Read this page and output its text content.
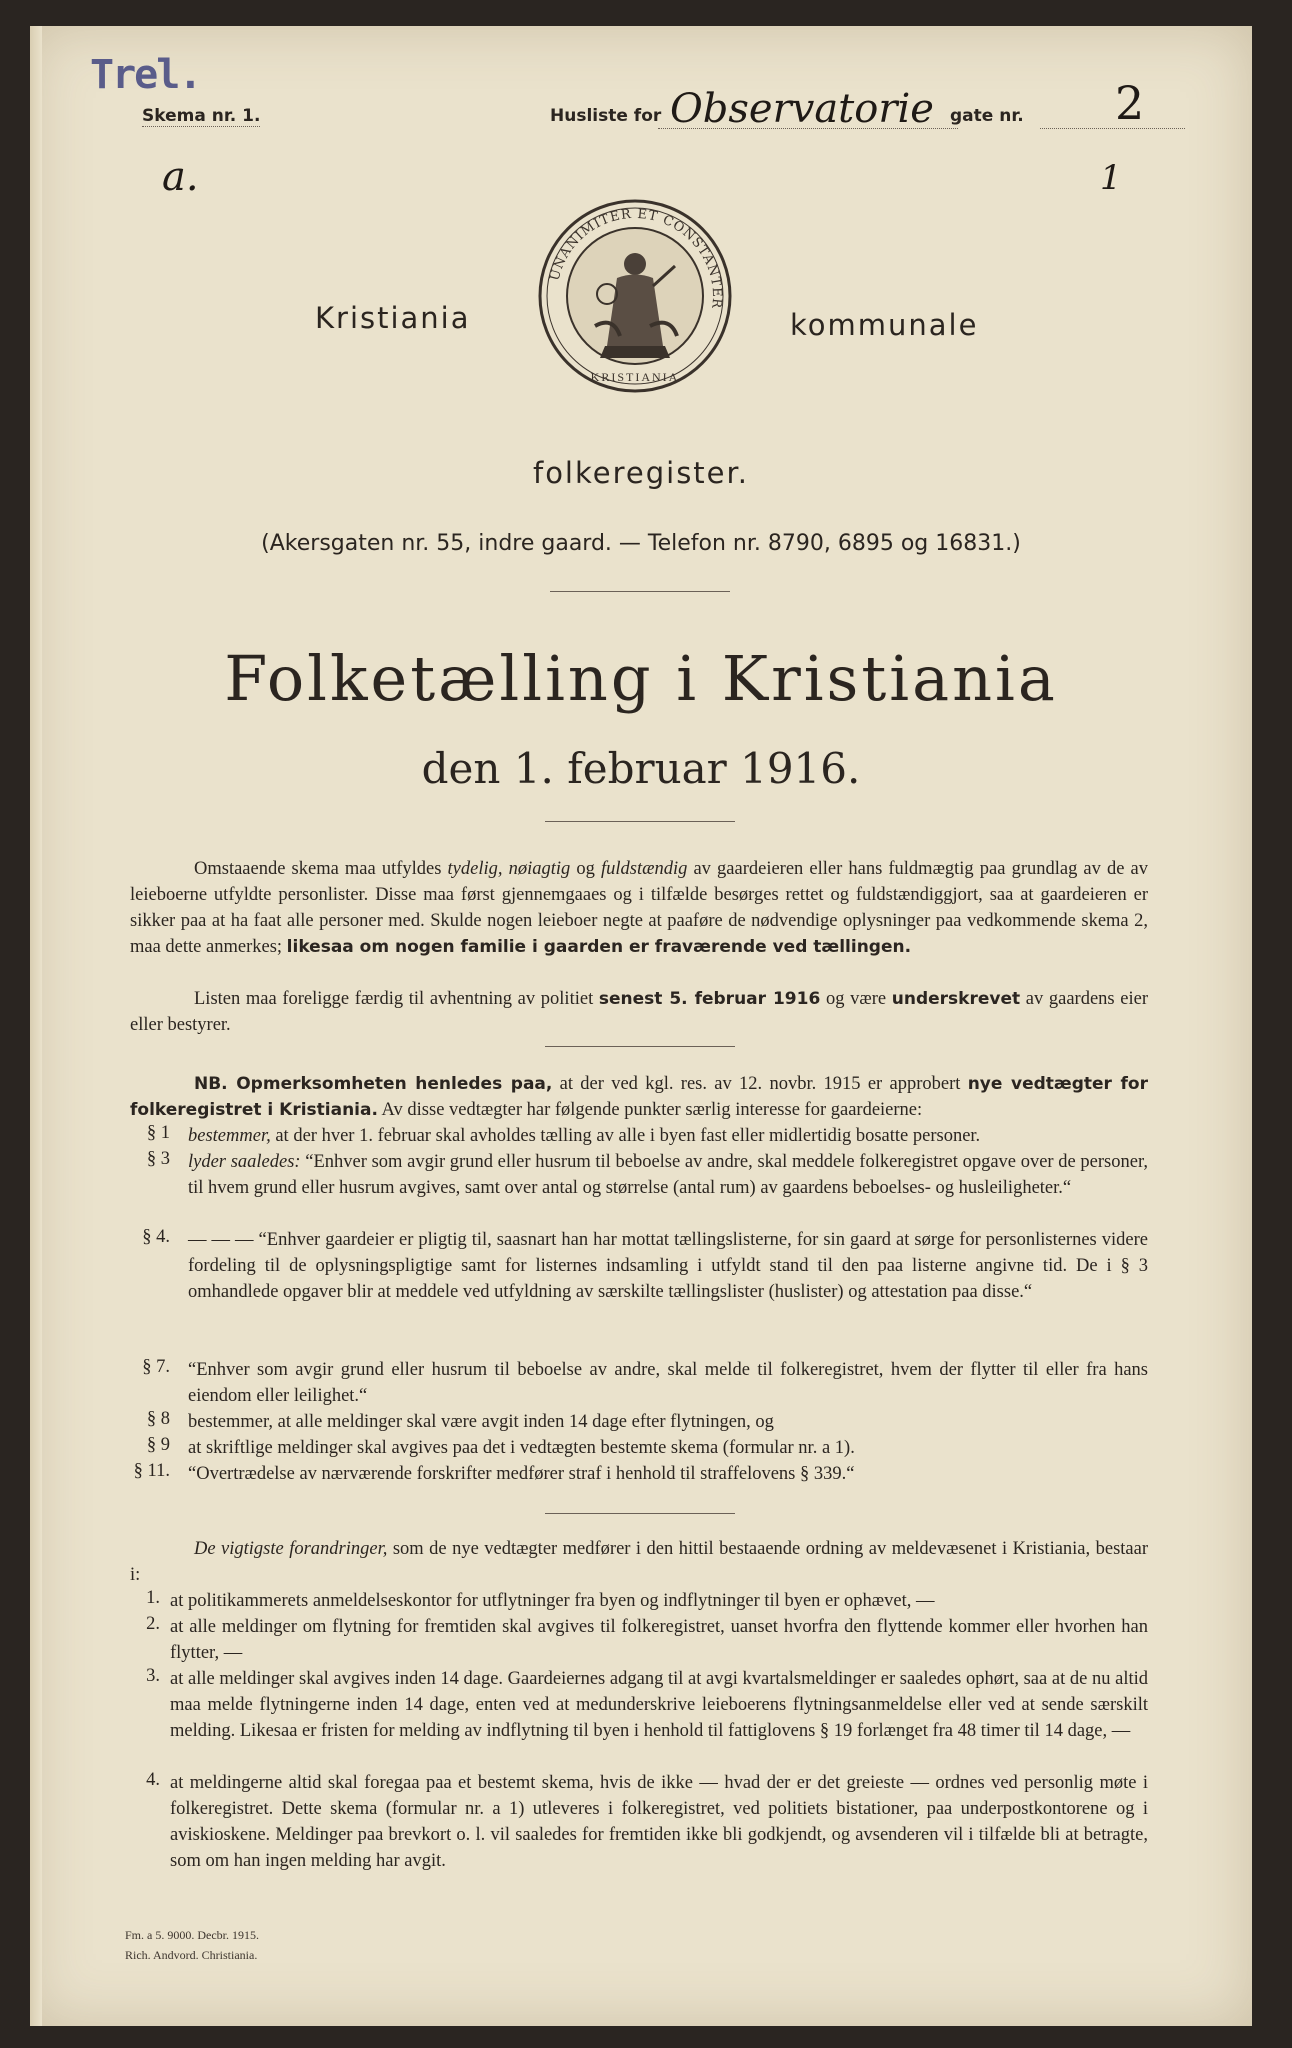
Trel.
Skema nr. 1.	Husliste for Observatorie gate nr. 2
a.	1
UNANIMITER ET CONSTANTER
KRISTIANIA
Kristiania	kommunale
folkeregister.
(Akersgaten nr. 55, indre gaard. — Telefon nr. 8790, 6895 og 16831.)
Folketælling i Kristiania
den 1. februar 1916.
Omstaaende skema maa utfyldes tydelig, nøiagtig og fuldstændig av gaardeieren eller hans fuldmægtig paa grundlag av de av leieboerne utfyldte personlister. Disse maa først gjennemgaaes og i tilfælde besørges rettet og fuldstændiggjort, saa at gaardeieren er sikker paa at ha faat alle personer med. Skulde nogen leieboer negte at paaføre de nødvendige oplysninger paa vedkommende skema 2, maa dette anmerkes; likesaa om nogen familie i gaarden er fraværende ved tællingen.
Listen maa foreligge færdig til avhentning av politiet senest 5. februar 1916 og være underskrevet av gaardens eier eller bestyrer.
NB. Opmerksomheten henledes paa, at der ved kgl. res. av 12. novbr. 1915 er approbert nye vedtægter for folkeregistret i Kristiania. Av disse vedtægter har følgende punkter særlig interesse for gaardeierne:
§ 1 bestemmer, at der hver 1. februar skal avholdes tælling av alle i byen fast eller midlertidig bosatte personer.
§ 3 lyder saaledes: “Enhver som avgir grund eller husrum til beboelse av andre, skal meddele folkeregistret opgave over de personer, til hvem grund eller husrum avgives, samt over antal og størrelse (antal rum) av gaardens beboelses- og husleiligheter.“
§ 4. — — — “Enhver gaardeier er pligtig til, saasnart han har mottat tællingslisterne, for sin gaard at sørge for personlisternes videre fordeling til de oplysningspligtige samt for listernes indsamling i utfyldt stand til den paa listerne angivne tid. De i § 3 omhandlede opgaver blir at meddele ved utfyldning av særskilte tællingslister (huslister) og attestation paa disse.“
§ 7. “Enhver som avgir grund eller husrum til beboelse av andre, skal melde til folkeregistret, hvem der flytter til eller fra hans eiendom eller leilighet.“
§ 8 bestemmer, at alle meldinger skal være avgit inden 14 dage efter flytningen, og
§ 9 at skriftlige meldinger skal avgives paa det i vedtægten bestemte skema (formular nr. a 1).
§ 11. “Overtrædelse av nærværende forskrifter medfører straf i henhold til straffelovens § 339.“
De vigtigste forandringer, som de nye vedtægter medfører i den hittil bestaaende ordning av meldevæsenet i Kristiania, bestaar i:
1. at politikammerets anmeldelseskontor for utflytninger fra byen og indflytninger til byen er ophævet, —
2. at alle meldinger om flytning for fremtiden skal avgives til folkeregistret, uanset hvorfra den flyttende kommer eller hvorhen han flytter, —
3. at alle meldinger skal avgives inden 14 dage. Gaardeiernes adgang til at avgi kvartalsmeldinger er saaledes ophørt, saa at de nu altid maa melde flytningerne inden 14 dage, enten ved at medunderskrive leieboerens flytningsanmeldelse eller ved at sende særskilt melding. Likesaa er fristen for melding av indflytning til byen i henhold til fattiglovens § 19 forlænget fra 48 timer til 14 dage, —
4. at meldingerne altid skal foregaa paa et bestemt skema, hvis de ikke — hvad der er det greieste — ordnes ved personlig møte i folkeregistret. Dette skema (formular nr. a 1) utleveres i folkeregistret, ved politiets bistationer, paa underpostkontorene og i aviskioskene. Meldinger paa brevkort o. l. vil saaledes for fremtiden ikke bli godkjendt, og avsenderen vil i tilfælde bli at betragte, som om han ingen melding har avgit.
Fm. a 5. 9000. Decbr. 1915.
Rich. Andvord. Christiania.
